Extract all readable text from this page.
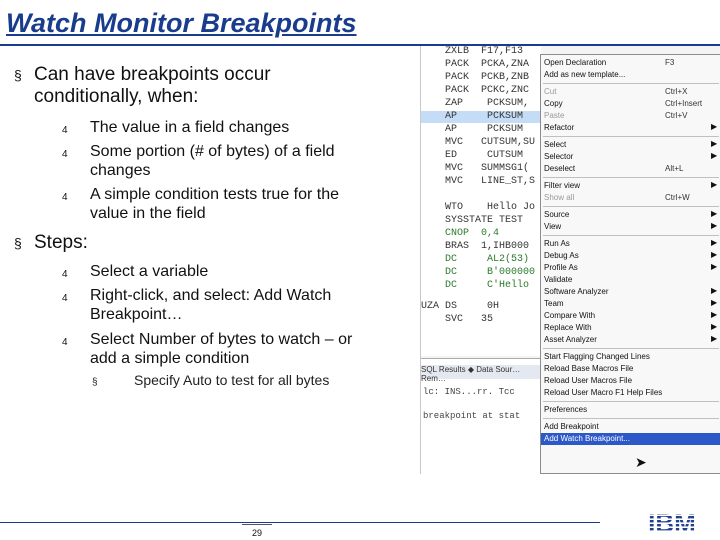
Watch Monitor Breakpoints
§ Can have breakpoints occur conditionally, when:
4 The value in a field changes
4 Some portion (# of bytes) of a field changes
4 A simple condition tests true for the value in the field
§ Steps:
4 Select a variable
4 Right-click, and select: Add Watch Breakpoint…
4 Select Number of bytes to watch – or add a simple condition
§	Specify Auto to test for all bytes
ZXLB  F17,F13
PACK  PCKA,ZNA
PACK  PCKB,ZNB
PACK  PCKC,ZNC
ZAP    PCKSUM,
AP     PCKSUM
AP     PCKSUM
MVC   CUTSUM,SU
ED     CUTSUM
MVC   SUMMSG1(
MVC   LINE_ST,S
WTO    Hello Jo
SYSSTATE TEST
CNOP  0,4
BRAS  1,IHB000
DC     AL2(53)
DC     B'000000
DC     C'Hello
UZA DS     0H
SVC   35
SQL Results ◆ Data Sour… Rem…
lc: INS...rr. Tcc
breakpoint at stat
Open Declaration	F3
Add as new template...
Cut	Ctrl+X
Copy	Ctrl+Insert
Paste	Ctrl+V
Refactor	▶
Select	▶
Selector	▶
Deselect	Alt+L
Filter view	▶
Show all	Ctrl+W
Source	▶
View	▶
Run As	▶
Debug As	▶
Profile As	▶
Validate
Software Analyzer	▶
Team	▶
Compare With	▶
Replace With	▶
Asset Analyzer	▶
Start Flagging Changed Lines
Reload Base Macros File
Reload User Macros File
Reload User Macro F1 Help Files
Preferences
Add Breakpoint
Add Watch Breakpoint...
➤
29	IBM
